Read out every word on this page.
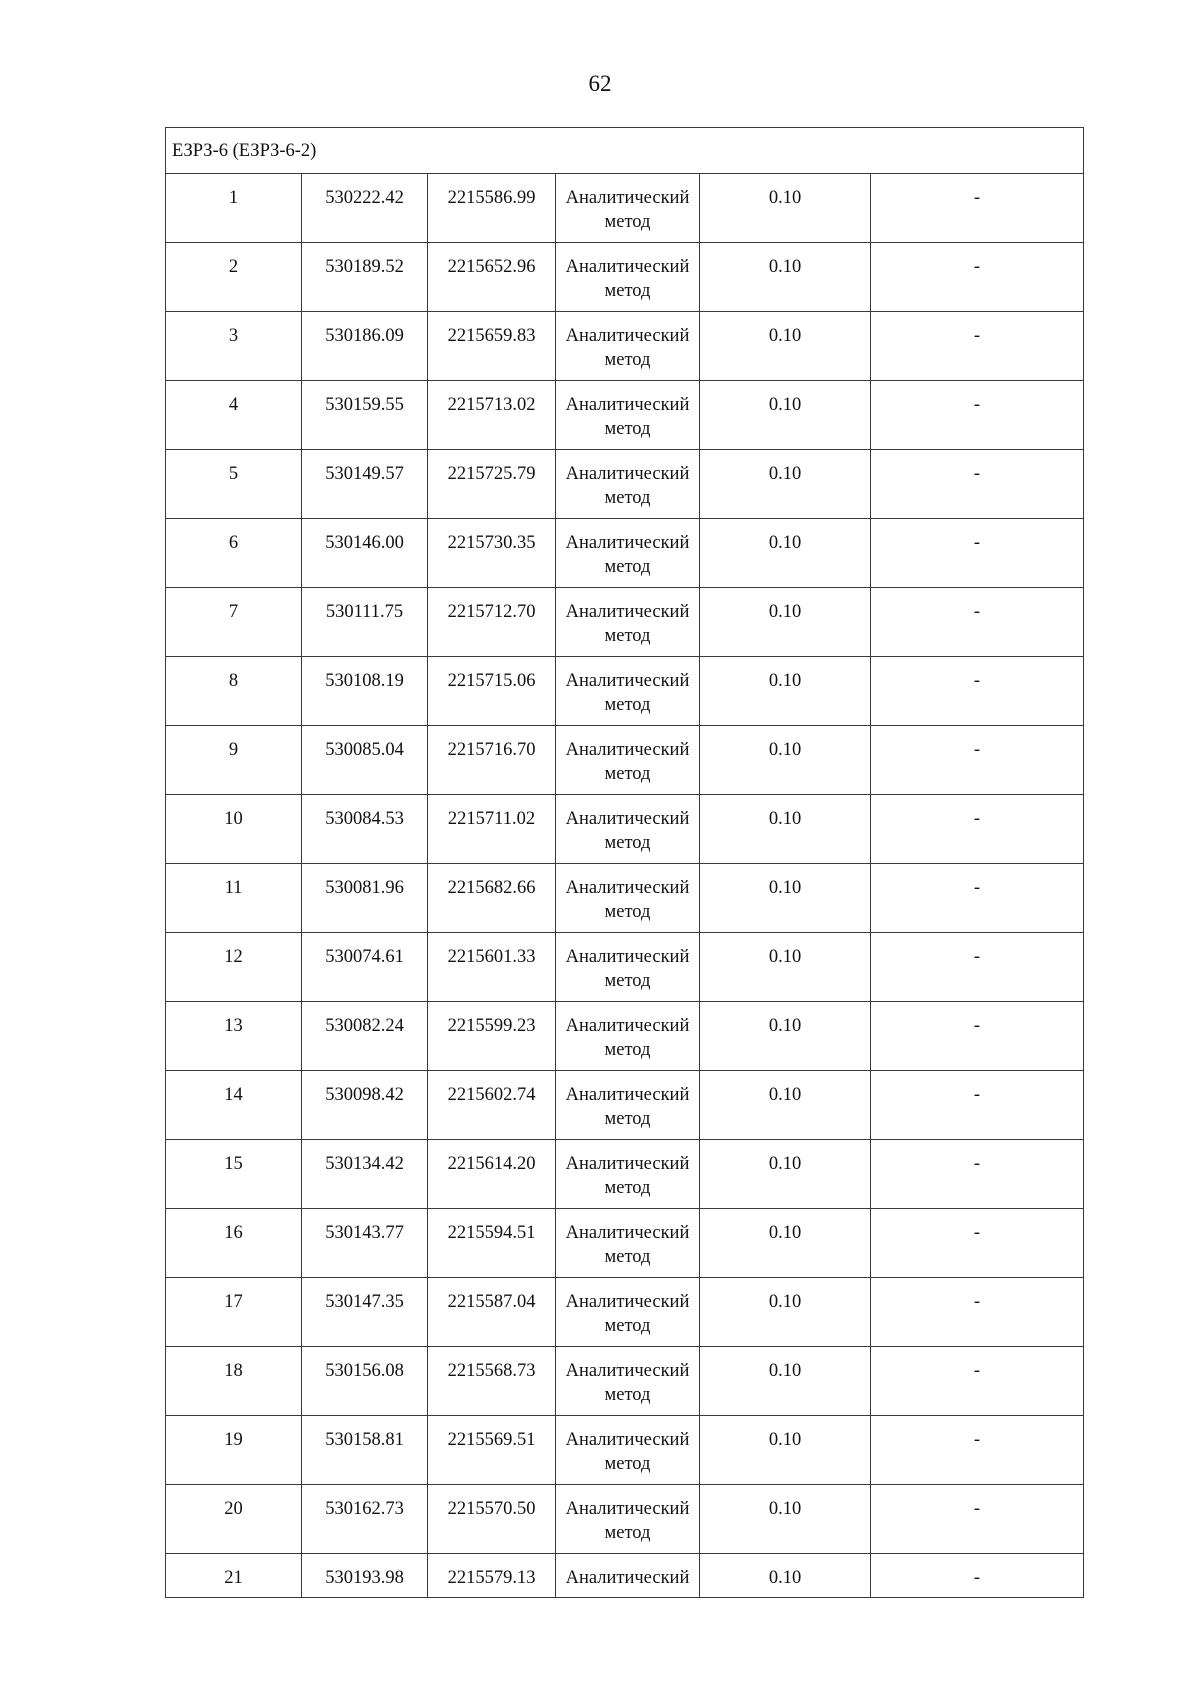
62
ЕЗРЗ-6 (ЕЗРЗ-6-2)					
1	530222.42	2215586.99	Аналитический метод	0.10	-
2	530189.52	2215652.96	Аналитический метод	0.10	-
3	530186.09	2215659.83	Аналитический метод	0.10	-
4	530159.55	2215713.02	Аналитический метод	0.10	-
5	530149.57	2215725.79	Аналитический метод	0.10	-
6	530146.00	2215730.35	Аналитический метод	0.10	-
7	530111.75	2215712.70	Аналитический метод	0.10	-
8	530108.19	2215715.06	Аналитический метод	0.10	-
9	530085.04	2215716.70	Аналитический метод	0.10	-
10	530084.53	2215711.02	Аналитический метод	0.10	-
11	530081.96	2215682.66	Аналитический метод	0.10	-
12	530074.61	2215601.33	Аналитический метод	0.10	-
13	530082.24	2215599.23	Аналитический метод	0.10	-
14	530098.42	2215602.74	Аналитический метод	0.10	-
15	530134.42	2215614.20	Аналитический метод	0.10	-
16	530143.77	2215594.51	Аналитический метод	0.10	-
17	530147.35	2215587.04	Аналитический метод	0.10	-
18	530156.08	2215568.73	Аналитический метод	0.10	-
19	530158.81	2215569.51	Аналитический метод	0.10	-
20	530162.73	2215570.50	Аналитический метод	0.10	-
21	530193.98	2215579.13	Аналитический	0.10	-
